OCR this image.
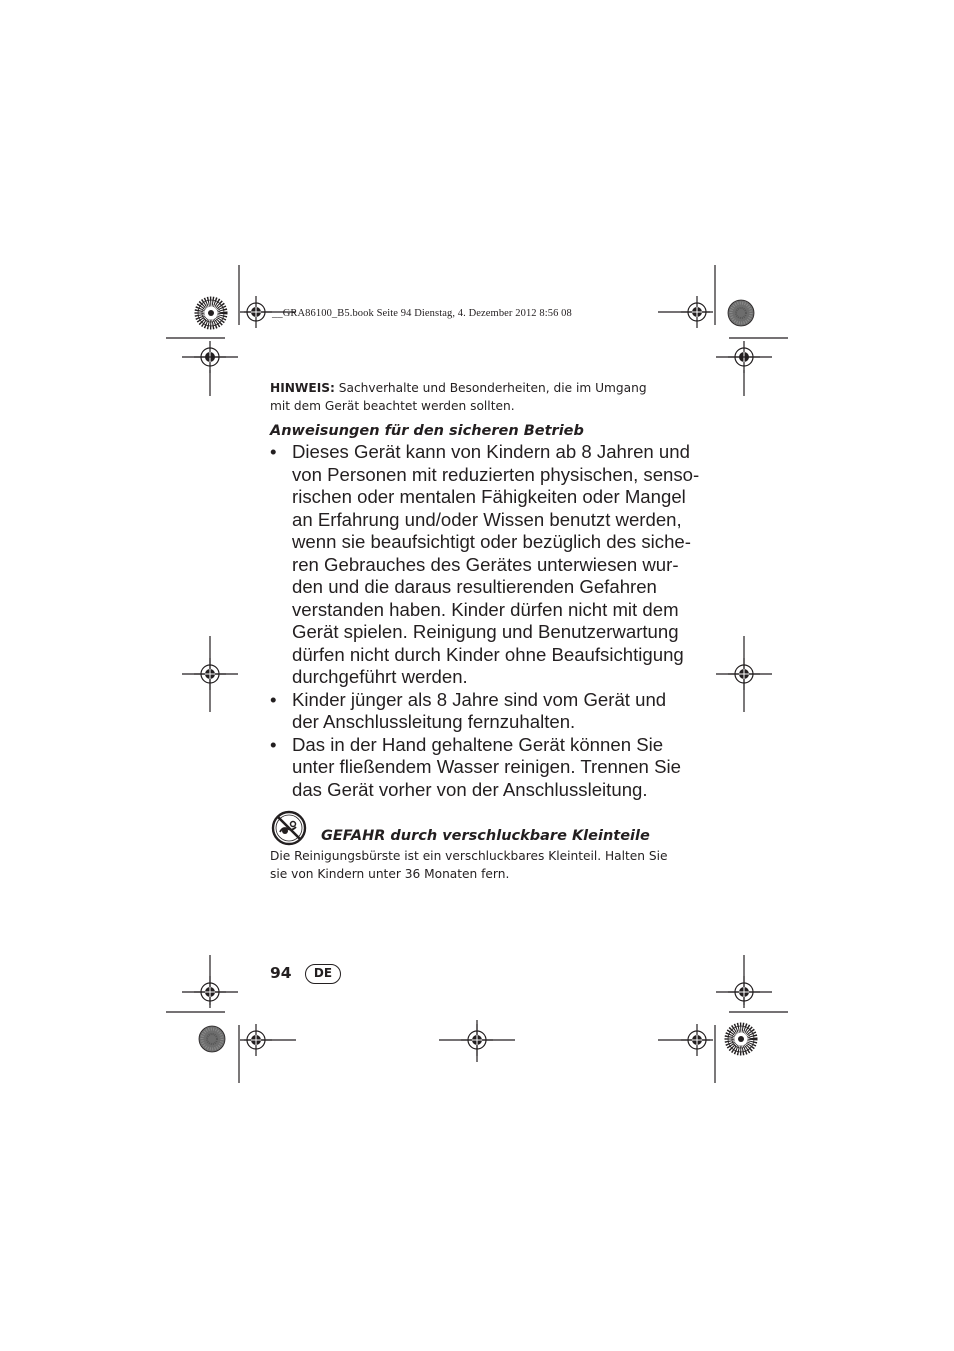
__GRA86100_B5.book Seite 94 Dienstag, 4. Dezember 2012 8:56 08
HINWEIS: Sachverhalte und Besonderheiten, die im Umgang
mit dem Gerät beachtet werden sollten.
Anweisungen für den sicheren Betrieb
• Dieses Gerät kann von Kindern ab 8 Jahren und
von Personen mit reduzierten physischen, senso-
rischen oder mentalen Fähigkeiten oder Mangel
an Erfahrung und/oder Wissen benutzt werden,
wenn sie beaufsichtigt oder bezüglich des siche-
ren Gebrauches des Gerätes unterwiesen wur-
den und die daraus resultierenden Gefahren
verstanden haben. Kinder dürfen nicht mit dem
Gerät spielen. Reinigung und Benutzerwartung
dürfen nicht durch Kinder ohne Beaufsichtigung
durchgeführt werden.
• Kinder jünger als 8 Jahre sind vom Gerät und
der Anschlussleitung fernzuhalten.
• Das in der Hand gehaltene Gerät können Sie
unter fließendem Wasser reinigen. Trennen Sie
das Gerät vorher von der Anschlussleitung.
GEFAHR durch verschluckbare Kleinteile
Die Reinigungsbürste ist ein verschluckbares Kleinteil. Halten Sie
sie von Kindern unter 36 Monaten fern.
94	DE
